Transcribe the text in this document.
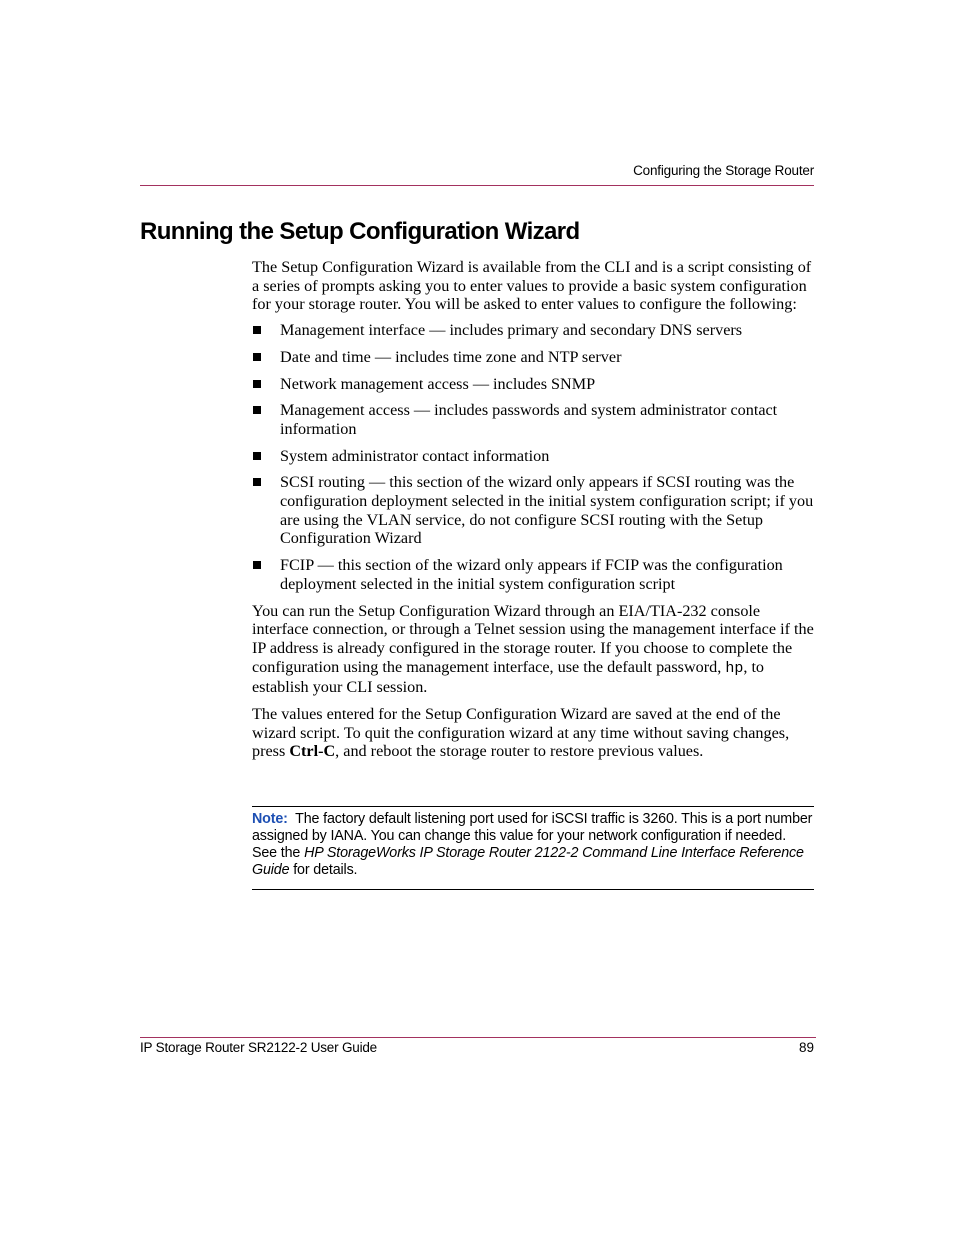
Configuring the Storage Router
Running the Setup Configuration Wizard

The Setup Configuration Wizard is available from the CLI and is a script consisting of a series of prompts asking you to enter values to provide a basic system configuration for your storage router. You will be asked to enter values to configure the following:

Management interface — includes primary and secondary DNS servers
Date and time — includes time zone and NTP server
Network management access — includes SNMP
Management access — includes passwords and system administrator contact information
System administrator contact information
SCSI routing — this section of the wizard only appears if SCSI routing was the configuration deployment selected in the initial system configuration script; if you are using the VLAN service, do not configure SCSI routing with the Setup Configuration Wizard
FCIP — this section of the wizard only appears if FCIP was the configuration deployment selected in the initial system configuration script

You can run the Setup Configuration Wizard through an EIA/TIA-232 console interface connection, or through a Telnet session using the management interface if the IP address is already configured in the storage router. If you choose to complete the configuration using the management interface, use the default password, hp, to establish your CLI session.

The values entered for the Setup Configuration Wizard are saved at the end of the wizard script. To quit the configuration wizard at any time without saving changes, press Ctrl-C, and reboot the storage router to restore previous values.

Note: The factory default listening port used for iSCSI traffic is 3260. This is a port number assigned by IANA. You can change this value for your network configuration if needed. See the HP StorageWorks IP Storage Router 2122-2 Command Line Interface Reference Guide for details.
IP Storage Router SR2122-2 User Guide	89
